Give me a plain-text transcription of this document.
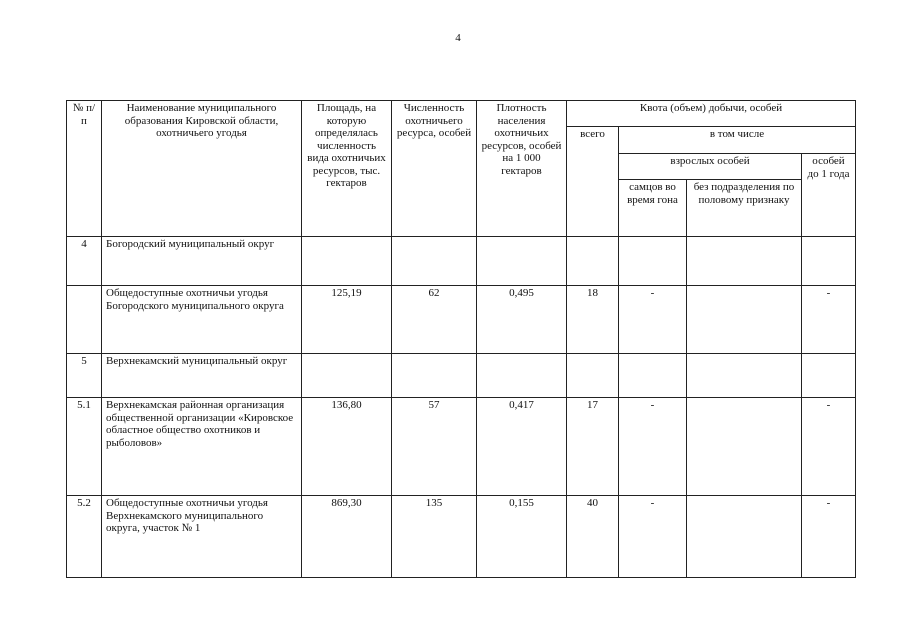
4
№ п/п	Наименование муниципального образования Кировской области, охотничьего угодья	Площадь, на которую определялась численность вида охотничьих ресурсов, тыс. гектаров	Численность охотничьего ресурса, особей	Плотность населения охотничьих ресурсов, особей на 1 000 гектаров	Квота (объем) добычи, особей			
					всего	в том числе		
						взрослых особей		особей до 1 года
						самцов во время гона	без подразделения по половому признаку	
4	Богородский муниципальный округ							
	Общедоступные охотничьи угодья Богородского муниципального округа	125,19	62	0,495	18	-		-
5	Верхнекамский муниципальный округ							
5.1	Верхнекамская районная организация общественной организации «Кировское областное общество охотников и рыболовов»	136,80	57	0,417	17	-		-
5.2	Общедоступные охотничьи угодья Верхнекамского муниципального округа, участок № 1	869,30	135	0,155	40	-		-
